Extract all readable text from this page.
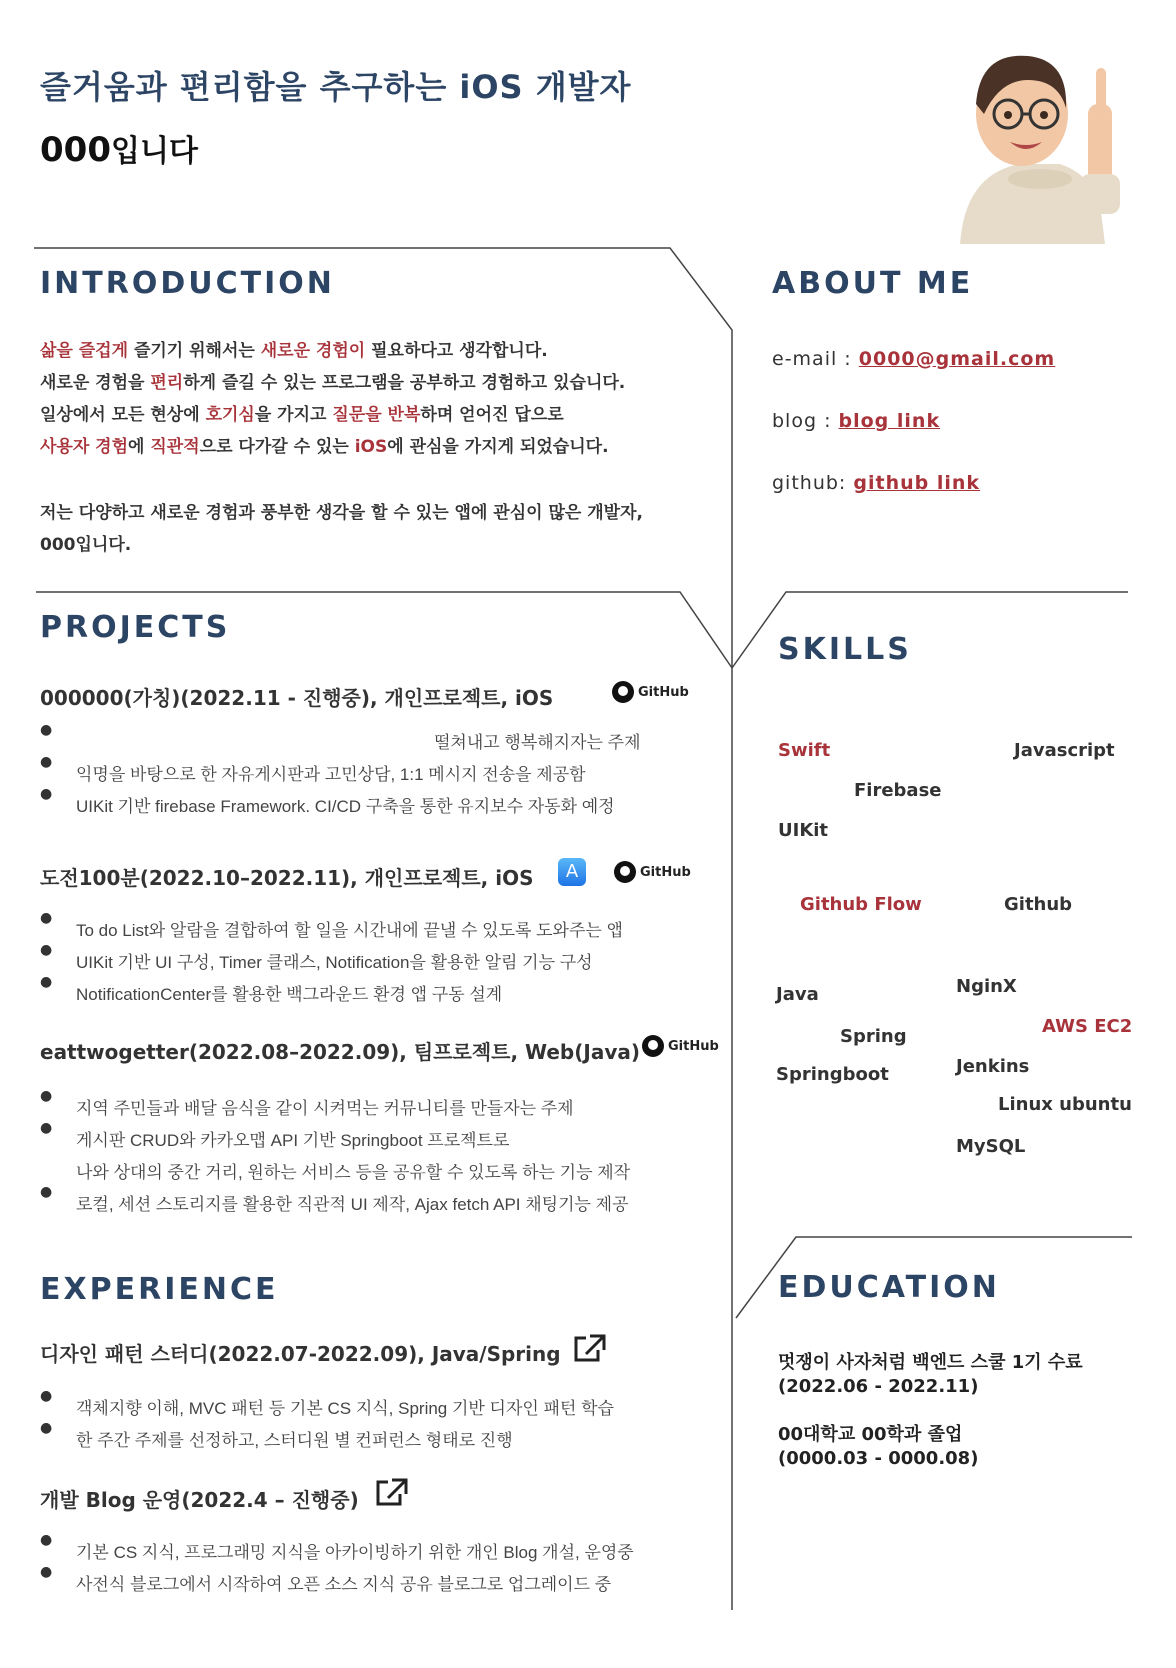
즐거움과 편리함을 추구하는 iOS 개발자
000입니다
INTRODUCTION
삶을 즐겁게 즐기기 위해서는 새로운 경험이 필요하다고 생각합니다.
새로운 경험을 편리하게 즐길 수 있는 프로그램을 공부하고 경험하고 있습니다.
일상에서 모든 현상에 호기심을 가지고 질문을 반복하며 얻어진 답으로
사용자 경험에 직관적으로 다가갈 수 있는 iOS에 관심을 가지게 되었습니다.
저는 다양하고 새로운 경험과 풍부한 생각을 할 수 있는 앱에 관심이 많은 개발자,
000입니다.
ABOUT ME
e-mail : 0000@gmail.com
blog : blog link
github: github link
PROJECTS
000000(가칭)(2022.11 - 진행중), 개인프로젝트, iOS	GitHub
●
떨쳐내고 행복해지자는 주제
●
익명을 바탕으로 한 자유게시판과 고민상담, 1:1 메시지 전송을 제공함
●
UIKit 기반 firebase Framework. CI/CD 구축을 통한 유지보수 자동화 예정
도전100분(2022.10–2022.11), 개인프로젝트, iOS	A	GitHub
●
To do List와 알람을 결합하여 할 일을 시간내에 끝낼 수 있도록 도와주는 앱
●
UIKit 기반 UI 구성, Timer 클래스, Notification을 활용한 알림 기능 구성
●
NotificationCenter를 활용한 백그라운드 환경 앱 구동 설계
eattwogetter(2022.08–2022.09), 팀프로젝트, Web(Java) GitHub
●
지역 주민들과 배달 음식을 같이 시켜먹는 커뮤니티를 만들자는 주제
●
게시판 CRUD와 카카오맵 API 기반 Springboot 프로젝트로
나와 상대의 중간 거리, 원하는 서비스 등을 공유할 수 있도록 하는 기능 제작
●
로컬, 세션 스토리지를 활용한 직관적 UI 제작, Ajax fetch API 채팅기능 제공
EXPERIENCE
디자인 패턴 스터디(2022.07-2022.09), Java/Spring
●
객체지향 이해, MVC 패턴 등 기본 CS 지식, Spring 기반 디자인 패턴 학습
●
한 주간 주제를 선정하고, 스터디원 별 컨퍼런스 형태로 진행
개발 Blog 운영(2022.4 – 진행중)
●
기본 CS 지식, 프로그래밍 지식을 아카이빙하기 위한 개인 Blog 개설, 운영중
●
사전식 블로그에서 시작하여 오픈 소스 지식 공유 블로그로 업그레이드 중
SKILLS
Swift	Javascript
Firebase
UIKit
Github Flow	Github
NginX
Java
AWS EC2
Spring
Jenkins
Springboot
Linux ubuntu
MySQL
EDUCATION
멋쟁이 사자처럼 백엔드 스쿨 1기 수료
(2022.06 - 2022.11)
00대학교 00학과 졸업
(0000.03 - 0000.08)
